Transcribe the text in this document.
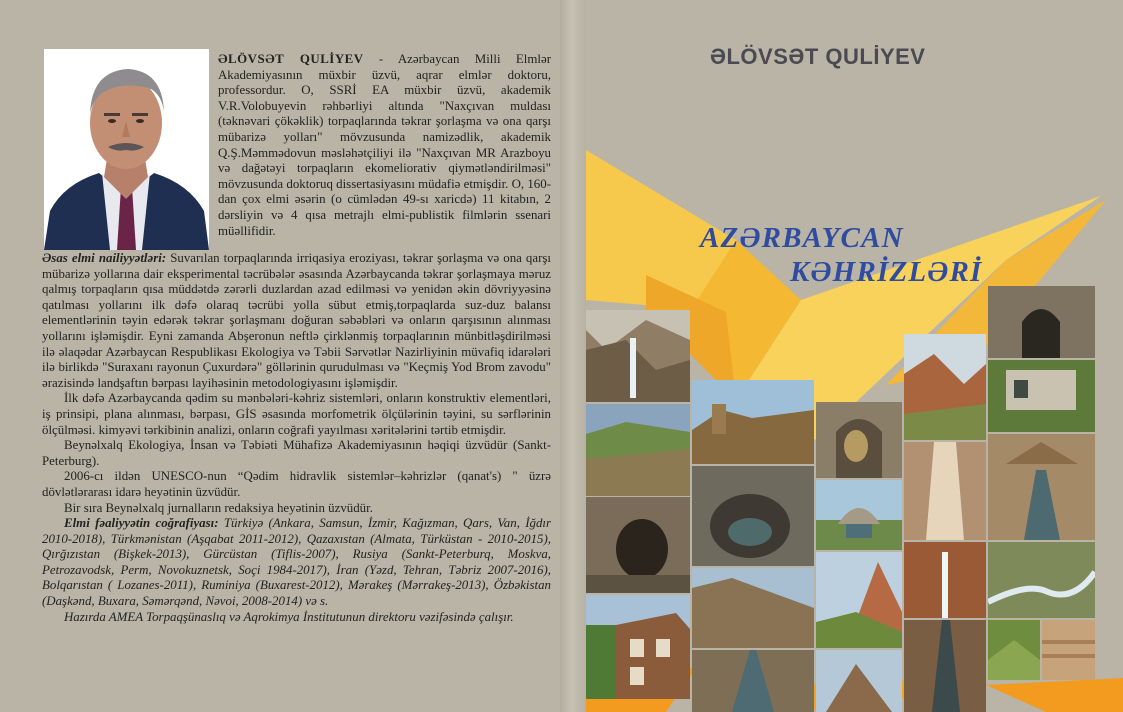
ƏLÖVSƏT QULİYEV - Azərbaycan Milli Elmlər Akademiyasının müxbir üzvü, aqrar elmlər doktoru, professordur. O, SSRİ EA müxbir üzvü, akademik V.R.Volobuyevin rəhbərliyi altında "Naxçıvan muldası (təknəvari çökəklik) torpaqlarında təkrar şorlaşma və ona qarşı mübarizə yolları" mövzusunda namizədlik, akademik Q.Ş.Məmmədovun məsləhətçiliyi ilə "Naxçıvan MR Arazboyu və dağətəyi torpaqların ekomeliorativ qiymətləndirilməsi" mövzusunda doktoruq dissertasiyasını müdafiə etmişdir. O, 160-dan çox elmi əsərin (o cümlədən 49-sı xaricdə) 11 kitabın, 2 dərsliyin və 4 qısa metrajlı elmi-publistik filmlərin ssenari müəllifidir.

Əsas elmi nailiyyətləri: Suvarılan torpaqlarında irriqasiya eroziyası, təkrar şorlaşma və ona qarşı mübarizə yollarına dair eksperimental təcrübələr əsasında Azərbaycanda təkrar şorlaşmaya məruz qalmış torpaqların qısa müddətdə zərərli duzlardan azad edilməsi və yenidən əkin dövriyyəsinə qatılması yollarını ilk dəfə olaraq təcrübi yolla sübut etmiş,torpaqlarda suz-duz balansı elementlərinin təyin edərək təkrar şorlaşmanı doğuran səbəbləri və onların qarşısının alınması yollarını işləmişdir. Eyni zamanda Abşeronun neftlə çirklənmiş torpaqlarının münbitləşdirilməsi ilə əlaqədar Azərbaycan Respublikası Ekologiya və Təbii Sərvətlər Nazirliyinin müvafiq idarələri ilə birlikdə "Suraxanı rayonun Çuxurdərə" göllərinin qurudulması və "Keçmiş Yod Brom zavodu" ərazisində landşaftın bərpası layihəsinin metodologiyasını işləmişdir.

İlk dəfə Azərbaycanda qədim su mənbələri-kəhriz sistemləri, onların konstruktiv elementləri, iş prinsipi, plana alınması, bərpası, GİS əsasında morfometrik ölçülərinin təyini, su sərflərinin ölçülməsi. kimyəvi tərkibinin analizi, onların coğrafi yayılması xəritələrini tərtib etmişdir.

Beynəlxalq Ekologiya, İnsan və Təbiəti Mühafizə Akademiyasının həqiqi üzvüdür (Sankt-Peterburg).

2006-cı ildən UNESCO-nun “Qədim hidravlik sistemlər–kəhrizlər (qanat's) " üzrə dövlətlərarası idarə heyətinin üzvüdür.

Bir sıra Beynəlxalq jurnalların redaksiya heyətinin üzvüdür.

Elmi fəaliyyətin coğrafiyası: Türkiyə (Ankara, Samsun, İzmir, Kağızman, Qars, Van, İğdır 2010-2018), Türkmənistan (Aşqabat 2011-2012), Qazaxıstan (Almata, Türküstan - 2010-2015), Qırğızıstan (Bişkek-2013), Gürcüstan (Tiflis-2007), Rusiya (Sankt-Peterburq, Moskva, Petrozavodsk, Perm, Novokuznetsk, Soçi 1984-2017), İran (Yəzd, Tehran, Təbriz 2007-2016), Bolqarıstan ( Lozanes-2011), Ruminiya (Buxarest-2012), Mərakeş (Mərrakeş-2013), Özbəkistan (Daşkənd, Buxara, Səmərqənd, Nəvoi, 2008-2014) və s.

Hazırda AMEA Torpaqşünaslıq və Aqrokimya İnstitutunun direktoru vəzifəsində çalışır.

ƏLÖVSƏT QULİYEV
AZƏRBAYCAN
KƏHRİZLƏRİ
